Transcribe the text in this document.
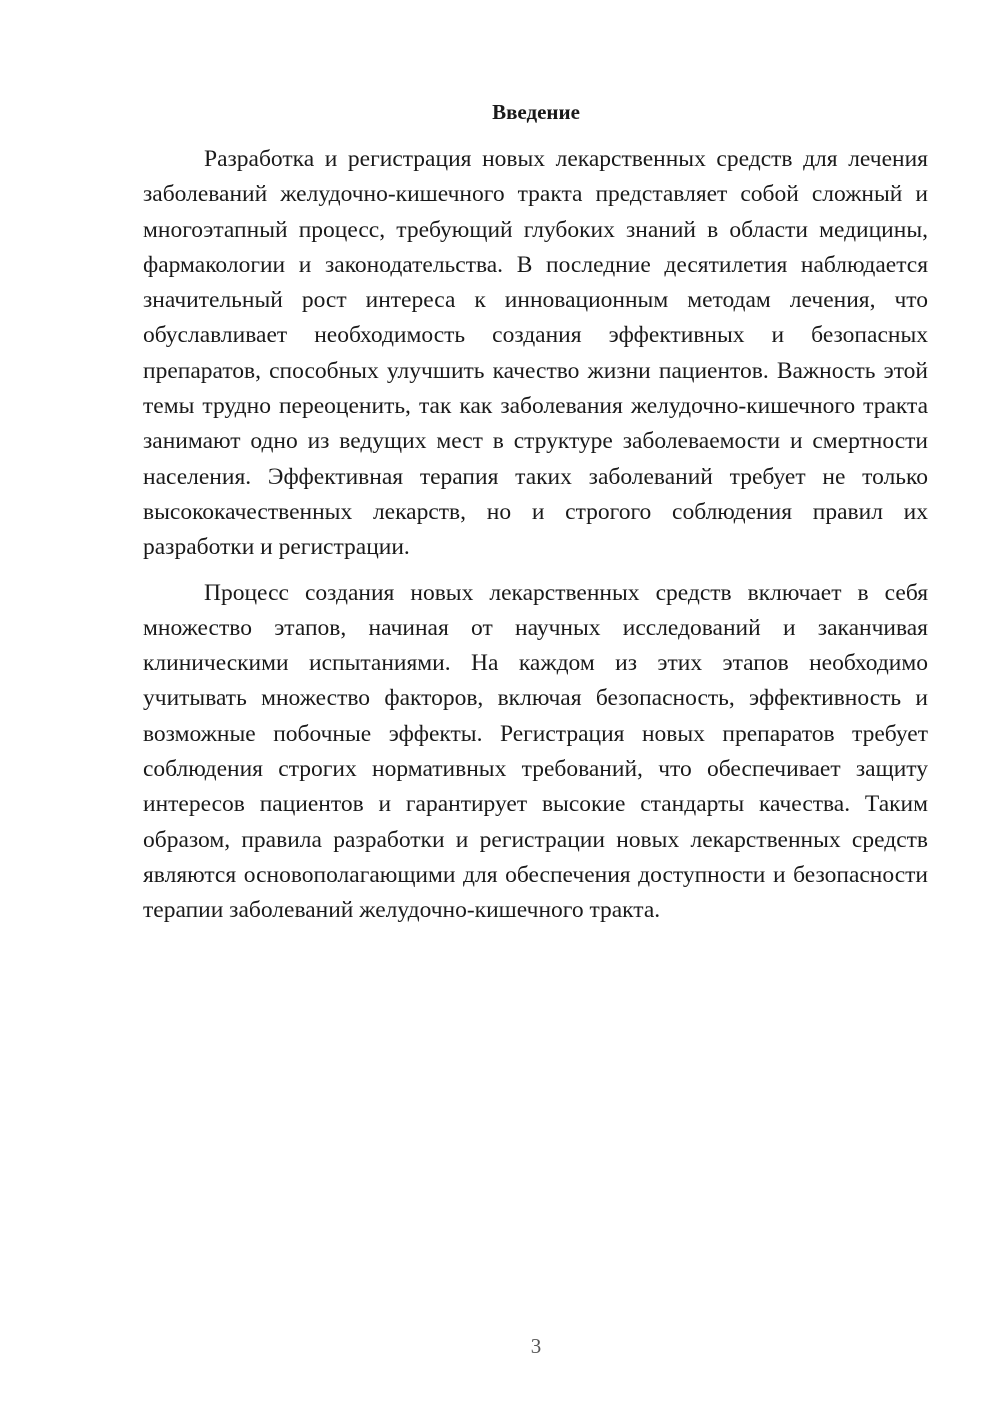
Введение

Разработка и регистрация новых лекарственных средств для лечения заболеваний желудочно-кишечного тракта представляет собой сложный и многоэтапный процесс, требующий глубоких знаний в области медицины, фармакологии и законодательства. В последние десятилетия наблюдается значительный рост интереса к инновационным методам лечения, что обуславливает необходимость создания эффективных и безопасных препаратов, способных улучшить качество жизни пациентов. Важность этой темы трудно переоценить, так как заболевания желудочно-кишечного тракта занимают одно из ведущих мест в структуре заболеваемости и смертности населения. Эффективная терапия таких заболеваний требует не только высококачественных лекарств, но и строгого соблюдения правил их разработки и регистрации.

Процесс создания новых лекарственных средств включает в себя множество этапов, начиная от научных исследований и заканчивая клиническими испытаниями. На каждом из этих этапов необходимо учитывать множество факторов, включая безопасность, эффективность и возможные побочные эффекты. Регистрация новых препаратов требует соблюдения строгих нормативных требований, что обеспечивает защиту интересов пациентов и гарантирует высокие стандарты качества. Таким образом, правила разработки и регистрации новых лекарственных средств являются основополагающими для обеспечения доступности и безопасности терапии заболеваний желудочно-кишечного тракта.

3
